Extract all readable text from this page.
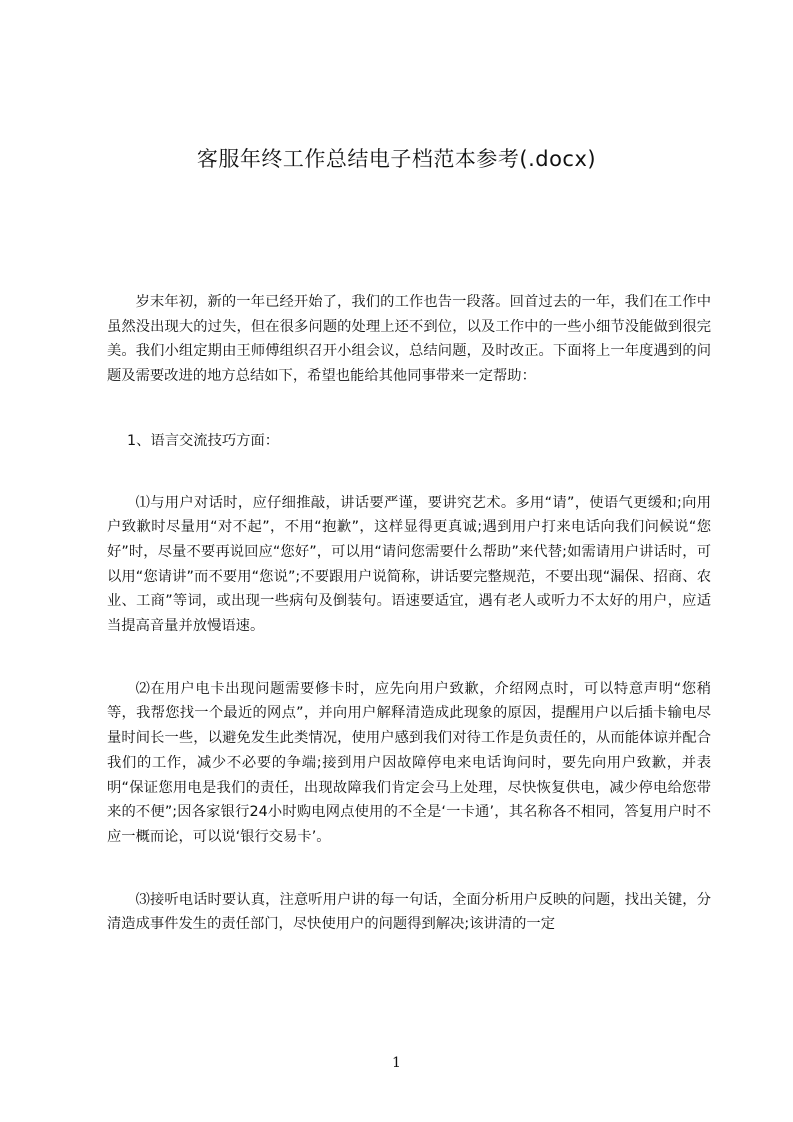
客服年终工作总结电子档范本参考(.docx)

岁末年初，新的一年已经开始了，我们的工作也告一段落。回首过去的一年，我们在工作中虽然没出现大的过失，但在很多问题的处理上还不到位，以及工作中的一些小细节没能做到很完美。我们小组定期由王师傅组织召开小组会议，总结问题，及时改正。下面将上一年度遇到的问题及需要改进的地方总结如下，希望也能给其他同事带来一定帮助：

1、语言交流技巧方面：

⑴与用户对话时，应仔细推敲，讲话要严谨，要讲究艺术。多用“请”，使语气更缓和;向用户致歉时尽量用“对不起”，不用“抱歉”，这样显得更真诚;遇到用户打来电话向我们问候说“您好”时，尽量不要再说回应“您好”，可以用“请问您需要什么帮助”来代替;如需请用户讲话时，可以用“您请讲”而不要用“您说”;不要跟用户说简称，讲话要完整规范，不要出现“漏保、招商、农业、工商”等词，或出现一些病句及倒装句。语速要适宜，遇有老人或听力不太好的用户，应适当提高音量并放慢语速。

⑵在用户电卡出现问题需要修卡时，应先向用户致歉，介绍网点时，可以特意声明“您稍等，我帮您找一个最近的网点”，并向用户解释清造成此现象的原因，提醒用户以后插卡输电尽量时间长一些，以避免发生此类情况，使用户感到我们对待工作是负责任的，从而能体谅并配合我们的工作，减少不必要的争端;接到用户因故障停电来电话询问时，要先向用户致歉，并表明“保证您用电是我们的责任，出现故障我们肯定会马上处理，尽快恢复供电，减少停电给您带来的不便”;因各家银行24小时购电网点使用的不全是‘一卡通’，其名称各不相同，答复用户时不应一概而论，可以说‘银行交易卡’。

⑶接听电话时要认真，注意听用户讲的每一句话，全面分析用户反映的问题，找出关键，分清造成事件发生的责任部门，尽快使用户的问题得到解决;该讲清的一定

1
